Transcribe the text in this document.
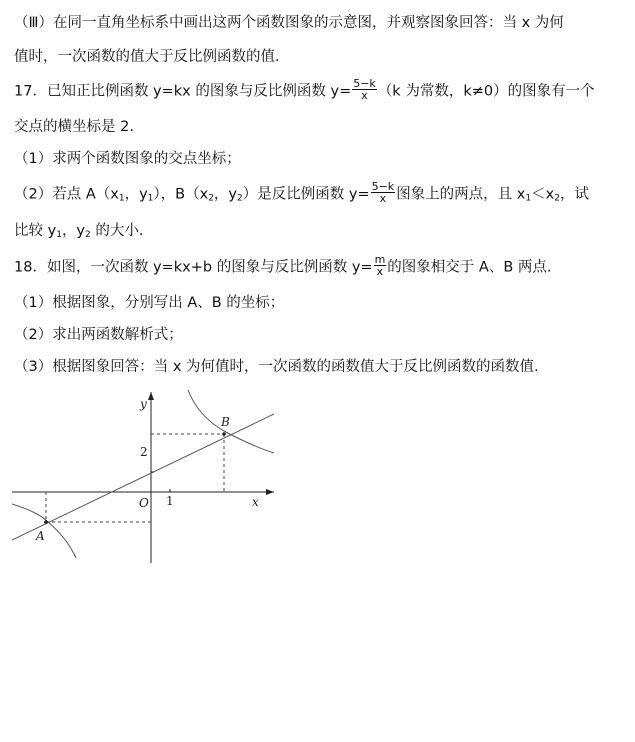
（Ⅲ）在同一直角坐标系中画出这两个函数图象的示意图，并观察图象回答：当 x 为何
值时，一次函数的值大于反比例函数的值.
17．已知正比例函数 y=kx 的图象与反比例函数 $y= \frac{5-k}{x} (k$ 为常数，k≠0）的图象有一个
交点的横坐标是 2.
（1）求两个函数图象的交点坐标；
（2）若点 $A(x_1$，$y_1$），$B(x_2$，$y_2$）是反比例函数 $y= \frac{5-k}{x}$ 图象上的两点，且 $x_1<x_2$，试
比较 $y_1$，$y_2$ 的大小.
18．如图，一次函数 y=kx+b 的图象与反比例函数 $y= \frac{m}{x}$ 的图象相交于 A、B 两点.
（1）根据图象，分别写出 A、B 的坐标；
（2）求出两函数解析式；
（3）根据图象回答：当 x 为何值时，一次函数的函数值大于反比例函数的函数值.
y
x
O 1
2
B
A
